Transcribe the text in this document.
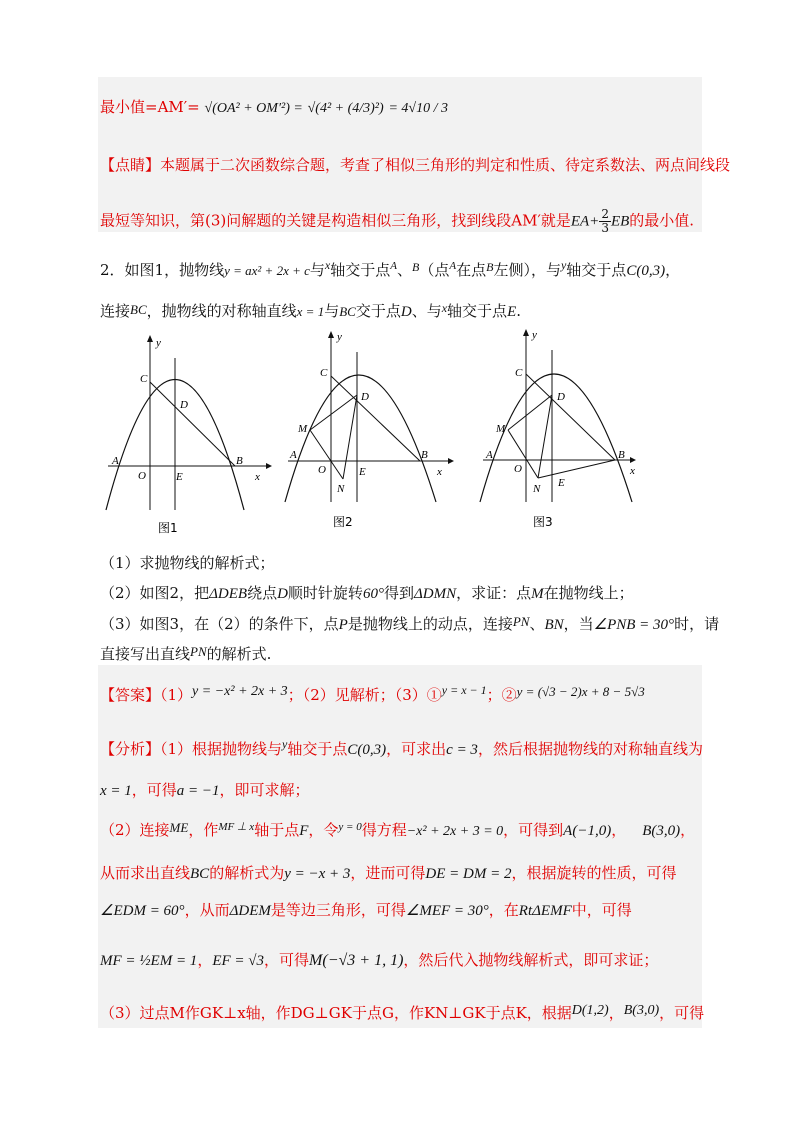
最小值=AM′= √(OA² + OM′²) = √(4² + (4/3)²) = 4√10 / 3
【点睛】本题属于二次函数综合题，考查了相似三角形的判定和性质、待定系数法、两点间线段
最短等知识，第(3)问解题的关键是构造相似三角形，找到线段AM′就是$EA+ \frac{2}{3}$ EB的最小值.
2．如图1，抛物线y = ax² + 2x + c与$^x$轴交于点$^A$、$^B$（点$^A$在点$^B$左侧），与$^y$轴交于点C(0,3)，
连接BC，抛物线的对称轴直线x = 1与BC交于点D、与$^x$轴交于点E.
y
x
C
D
A
O	E
B
图1
y
x
C
D
M
A
O	E
B
N
图2
y
x
C
D
M
A
O
E
B
N
图3
（1）求抛物线的解析式；
（2）如图2，把ΔDEB绕点D顺时针旋转60°得到ΔDMN，求证：点M在抛物线上；
（3）如图3，在（2）的条件下，点P是抛物线上的动点，连接PN、BN，当∠PNB = 30°时，请
直接写出直线PN的解析式.
【答案】（1）y = −x² + 2x + 3；（2）见解析；（3）①$^{y = x - 1}$；②y = (√3 − 2)x + 8 − 5√3
【分析】（1）根据抛物线与$^y$轴交于点C(0,3)，可求出c = 3，然后根据抛物线的对称轴直线为
x = 1，可得a = −1，即可求解；
（2）连接ME，作$^{MF \perp x}$轴于点F，令$^{y = 0}$得方程−x² + 2x + 3 = 0，可得到A(−1,0)， B(3,0)，
从而求出直线BC的解析式为y = −x + 3，进而可得DE = DM = 2，根据旋转的性质，可得
∠EDM = 60°，从而ΔDEM是等边三角形，可得∠MEF = 30°，在RtΔEMF中，可得
MF = ½EM = 1，EF = √3，可得M(−√3 + 1, 1)，然后代入抛物线解析式，即可求证；
（3）过点M作GK⊥x轴，作DG⊥GK于点G，作KN⊥GK于点K，根据D(1,2)，B(3,0)，可得
